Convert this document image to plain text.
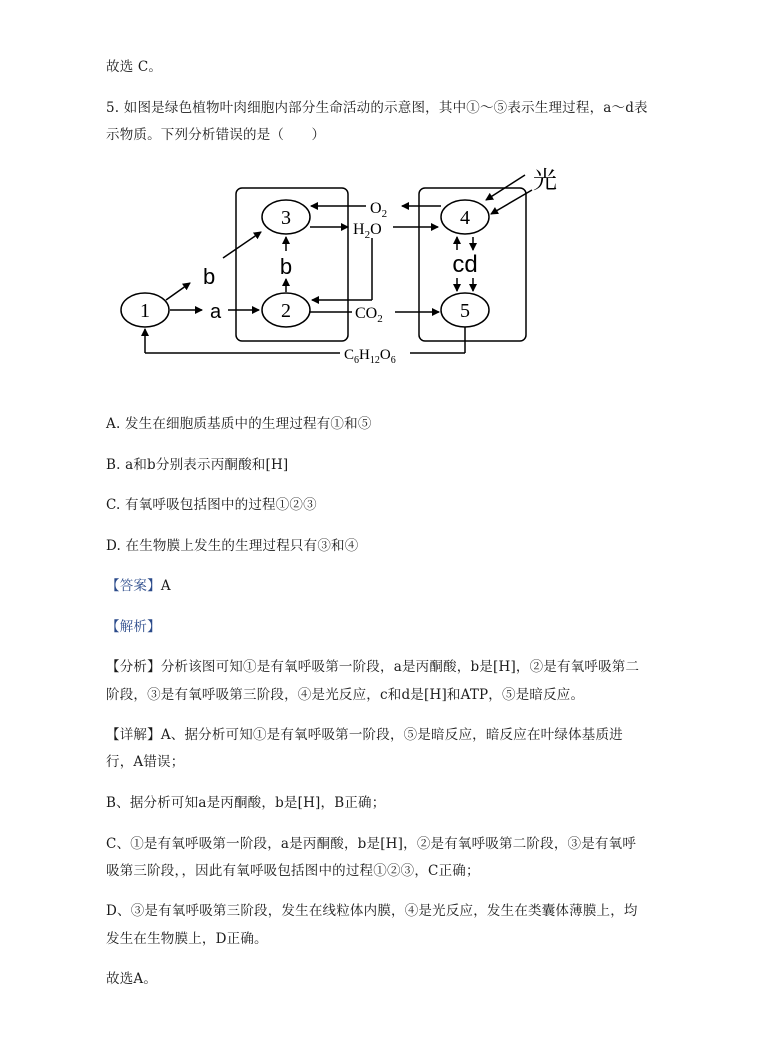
故选 C。
5. 如图是绿色植物叶肉细胞内部分生命活动的示意图，其中①～⑤表示生理过程，a～d表
示物质。下列分析错误的是（　　）
1	2
3	4
5
a
b	b
$O_2$
$H_2O$
$CO_2$
光
cd
$C_6H_{12}O_6$
A. 发生在细胞质基质中的生理过程有①和⑤
B. a和b分别表示丙酮酸和[H]
C. 有氧呼吸包括图中的过程①②③
D. 在生物膜上发生的生理过程只有③和④
【答案】A
【解析】
【分析】分析该图可知①是有氧呼吸第一阶段，a是丙酮酸，b是[H]，②是有氧呼吸第二
阶段，③是有氧呼吸第三阶段，④是光反应，c和d是[H]和ATP，⑤是暗反应。
【详解】A、据分析可知①是有氧呼吸第一阶段，⑤是暗反应，暗反应在叶绿体基质进
行，A错误；
B、据分析可知a是丙酮酸，b是[H]，B正确；
C、①是有氧呼吸第一阶段，a是丙酮酸，b是[H]，②是有氧呼吸第二阶段，③是有氧呼
吸第三阶段，，因此有氧呼吸包括图中的过程①②③，C正确；
D、③是有氧呼吸第三阶段，发生在线粒体内膜，④是光反应，发生在类囊体薄膜上，均
发生在生物膜上，D正确。
故选A。
